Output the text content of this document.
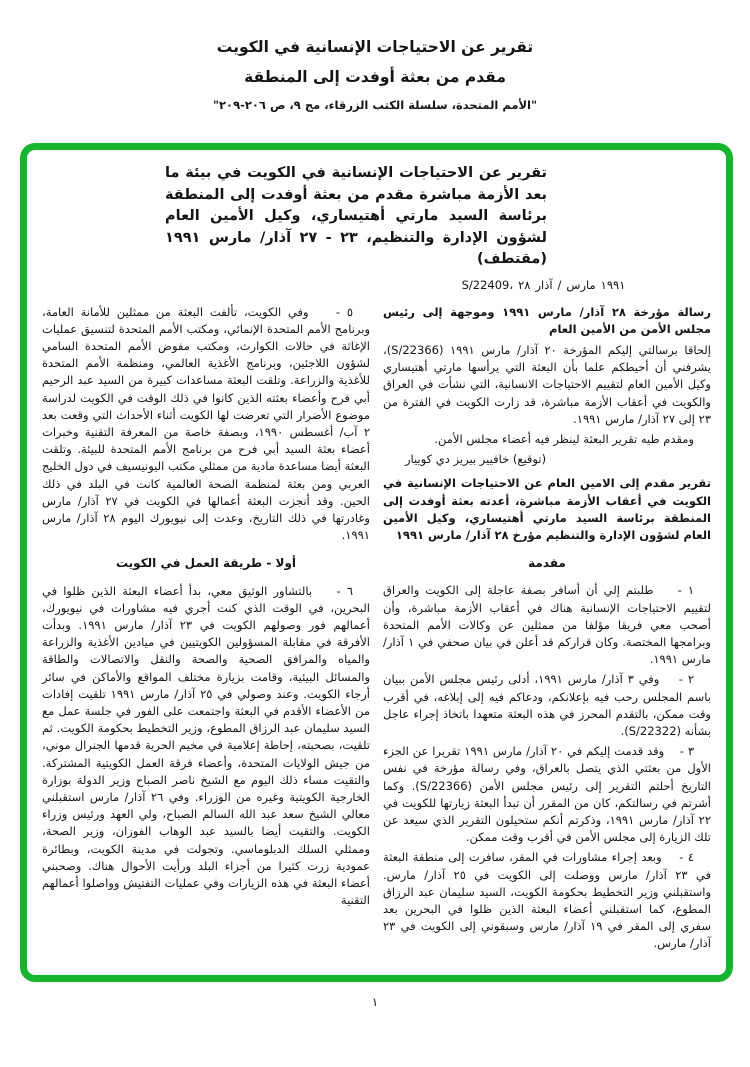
تقرير عن الاحتياجات الإنسانية في الكويت
مقدم من بعثة أوفدت إلى المنطقة
"الأمم المتحدة، سلسلة الكتب الزرقاء، مج ٩، ص ٢٠٦-٢٠٩"
تقرير عن الاحتياجات الإنسانية في الكويت في بيئة ما بعد الأزمة مباشرة مقدم من بعثة أوفدت إلى المنطقة برئاسة السيد مارتي أهتيساري، وكيل الأمين العام لشؤون الإدارة والتنظيم، ٢٣ - ٢٧ آذار/ مارس ١٩٩١ (مقتطف)
S/22409، ٢٨ آذار / مارس ١٩٩١

رسالة مؤرخة ٢٨ آذار/ مارس ١٩٩١ وموجهة إلى رئيس مجلس الأمن من الأمين العام

إلحاقا برسالتي إليكم المؤرخة ٢٠ آذار/ مارس ١٩٩١ (S/22366)، يشرفني أن أحيطكم علما بأن البعثة التي يرأسها مارتي أهتيساري وكيل الأمين العام لتقييم الاحتياجات الانسانية، التي نشأت في العراق والكويت في أعقاب الأزمة مباشرة، قد زارت الكويت في الفترة من ٢٣ إلى ٢٧ آذار/ مارس ١٩٩١.

ومقدم طيه تقرير البعثة لينظر فيه أعضاء مجلس الأمن.

(توقيع) خافيير بيريز دي كوييار

تقرير مقدم إلى الامين العام عن الاحتياجات الإنسانية في الكويت في أعقاب الأزمة مباشرة، أعدته بعثة أوفدت إلى المنطقة برئاسة السيد مارتي أهتيساري، وكيل الأمين العام لشؤون الإدارة والتنظيم مؤرخ ٢٨ آذار/ مارس ١٩٩١

مقدمة

١ -    طلبتم إلي أن أسافر بصفة عاجلة إلى الكويت والعراق لتقييم الاحتياجات الإنسانية هناك في أعقاب الأزمة مباشرة، وأن أصحب معي فريقا مؤلفا من ممثلين عن وكالات الأمم المتحدة وبرامجها المختصة. وكان قراركم قد أعلن في بيان صحفي في ١ آذار/ مارس ١٩٩١.

٢ -    وفي ٣ آذار/ مارس ١٩٩١، أدلى رئيس مجلس الأمن ببيان باسم المجلس رحب فيه بإعلانكم، ودعاكم فيه إلى إبلاغه، في أقرب وقت ممكن، بالتقدم المحرز في هذه البعثة متعهدا باتخاذ إجراء عاجل بشأنه (S/22322).

٣ -    وقد قدمت إليكم في ٢٠ آذار/ مارس ١٩٩١ تقريرا عن الجزء الأول من بعثتي الذي يتصل بالعراق، وفي رسالة مؤرخة في نفس التاريخ أحلتم التقرير إلى رئيس مجلس الأمن (S/22366). وكما أشرتم في رسالتكم، كان من المقرر أن تبدأ البعثة زيارتها للكويت في ٢٢ آذار/ مارس ١٩٩١، وذكرتم أنكم ستحيلون التقرير الذي سيعد عن تلك الزيارة إلى مجلس الأمن في أقرب وقت ممكن.

٤ -    وبعد إجراء مشاورات في المقر، سافرت إلى منطقة البعثة في ٢٣ آذار/ مارس ووصلت إلى الكويت في ٢٥ آذار/ مارس. واستقبلني وزير التخطيط بحكومة الكويت، السيد سليمان عبد الرزاق المطوع، كما استقبلني أعضاء البعثة الذين ظلوا في البحرين بعد سفري إلى المقر في ١٩ آذار/ مارس وسبقوني إلى الكويت في ٢٣ آذار/ مارس.

٥ -    وفي الكويت، تألفت البعثة من ممثلين للأمانة العامة، وبرنامج الأمم المتحدة الإنمائي، ومكتب الأمم المتحدة لتنسيق عمليات الإغاثة في حالات الكوارث، ومكتب مفوض الأمم المتحدة السامي لشؤون اللاجئين، وبرنامج الأغذية العالمي، ومنظمة الأمم المتحدة للأغذية والزراعة. وتلقت البعثة مساعدات كبيرة من السيد عبد الرحيم أبي فرح وأعضاء بعثته الذين كانوا في ذلك الوقت في الكويت لدراسة موضوع الأضرار التي تعرضت لها الكويت أثناء الأحداث التي وقعت بعد ٢ آب/ أغسطس ١٩٩٠، وبصفة خاصة من المعرفة التقنية وخبرات أعضاء بعثة السيد أبي فرح من برنامج الأمم المتحدة للبيئة. وتلقت البعثة أيضا مساعدة مادية من ممثلي مكتب اليونيسيف في دول الخليج العربي ومن بعثة لمنظمة الصحة العالمية كانت في البلد في ذلك الحين. وقد أنجزت البعثة أعمالها في الكويت في ٢٧ آذار/ مارس وغادرتها في ذلك التاريخ، وعدت إلى نيويورك اليوم ٢٨ آذار/ مارس ١٩٩١.

أولا - طريقة العمل في الكويت

٦ -    بالتشاور الوثيق معي، بدأ أعضاء البعثة الذين ظلوا في البحرين، في الوقت الذي كنت أجري فيه مشاورات في نيويورك، أعمالهم فور وصولهم الكويت في ٢٣ آذار/ مارس ١٩٩١. وبدأت الأفرقة في مقابلة المسؤولين الكويتيين في ميادين الأغذية والزراعة والمياه والمرافق الصحية والصحة والنقل والاتصالات والطاقة والمسائل البيئية، وقامت بزيارة مختلف المواقع والأماكن في سائر أرجاء الكويت. وعند وصولي في ٢٥ آذار/ مارس ١٩٩١ تلقيت إفادات من الأعضاء الأقدم في البعثة واجتمعت على الفور في جلسة عمل مع السيد سليمان عبد الرزاق المطوع، وزير التخطيط بحكومة الكويت. ثم تلقيت، بصحبته، إحاطة إعلامية في مخيم الحرية قدمها الجنرال موني، من جيش الولايات المتحدة، وأعضاء فرقة العمل الكويتية المشتركة. والتقيت مساء ذلك اليوم مع الشيخ ناصر الصباح وزير الدولة بوزارة الخارجية الكويتية وغيره من الوزراء. وفي ٢٦ آذار/ مارس استقبلني معالي الشيخ سعد عبد الله السالم الصباح، ولي العهد ورئيس وزراء الكويت. والتقيت أيضا بالسيد عبد الوهاب الفوزان، وزير الصحة، وممثلي السلك الدبلوماسي. وتجولت في مدينة الكويت، وبطائرة عمودية زرت كثيرا من أجزاء البلد ورأيت الأحوال هناك. وصحبني أعضاء البعثة في هذه الزيارات وفي عمليات التفتيش وواصلوا أعمالهم التقنية

١
